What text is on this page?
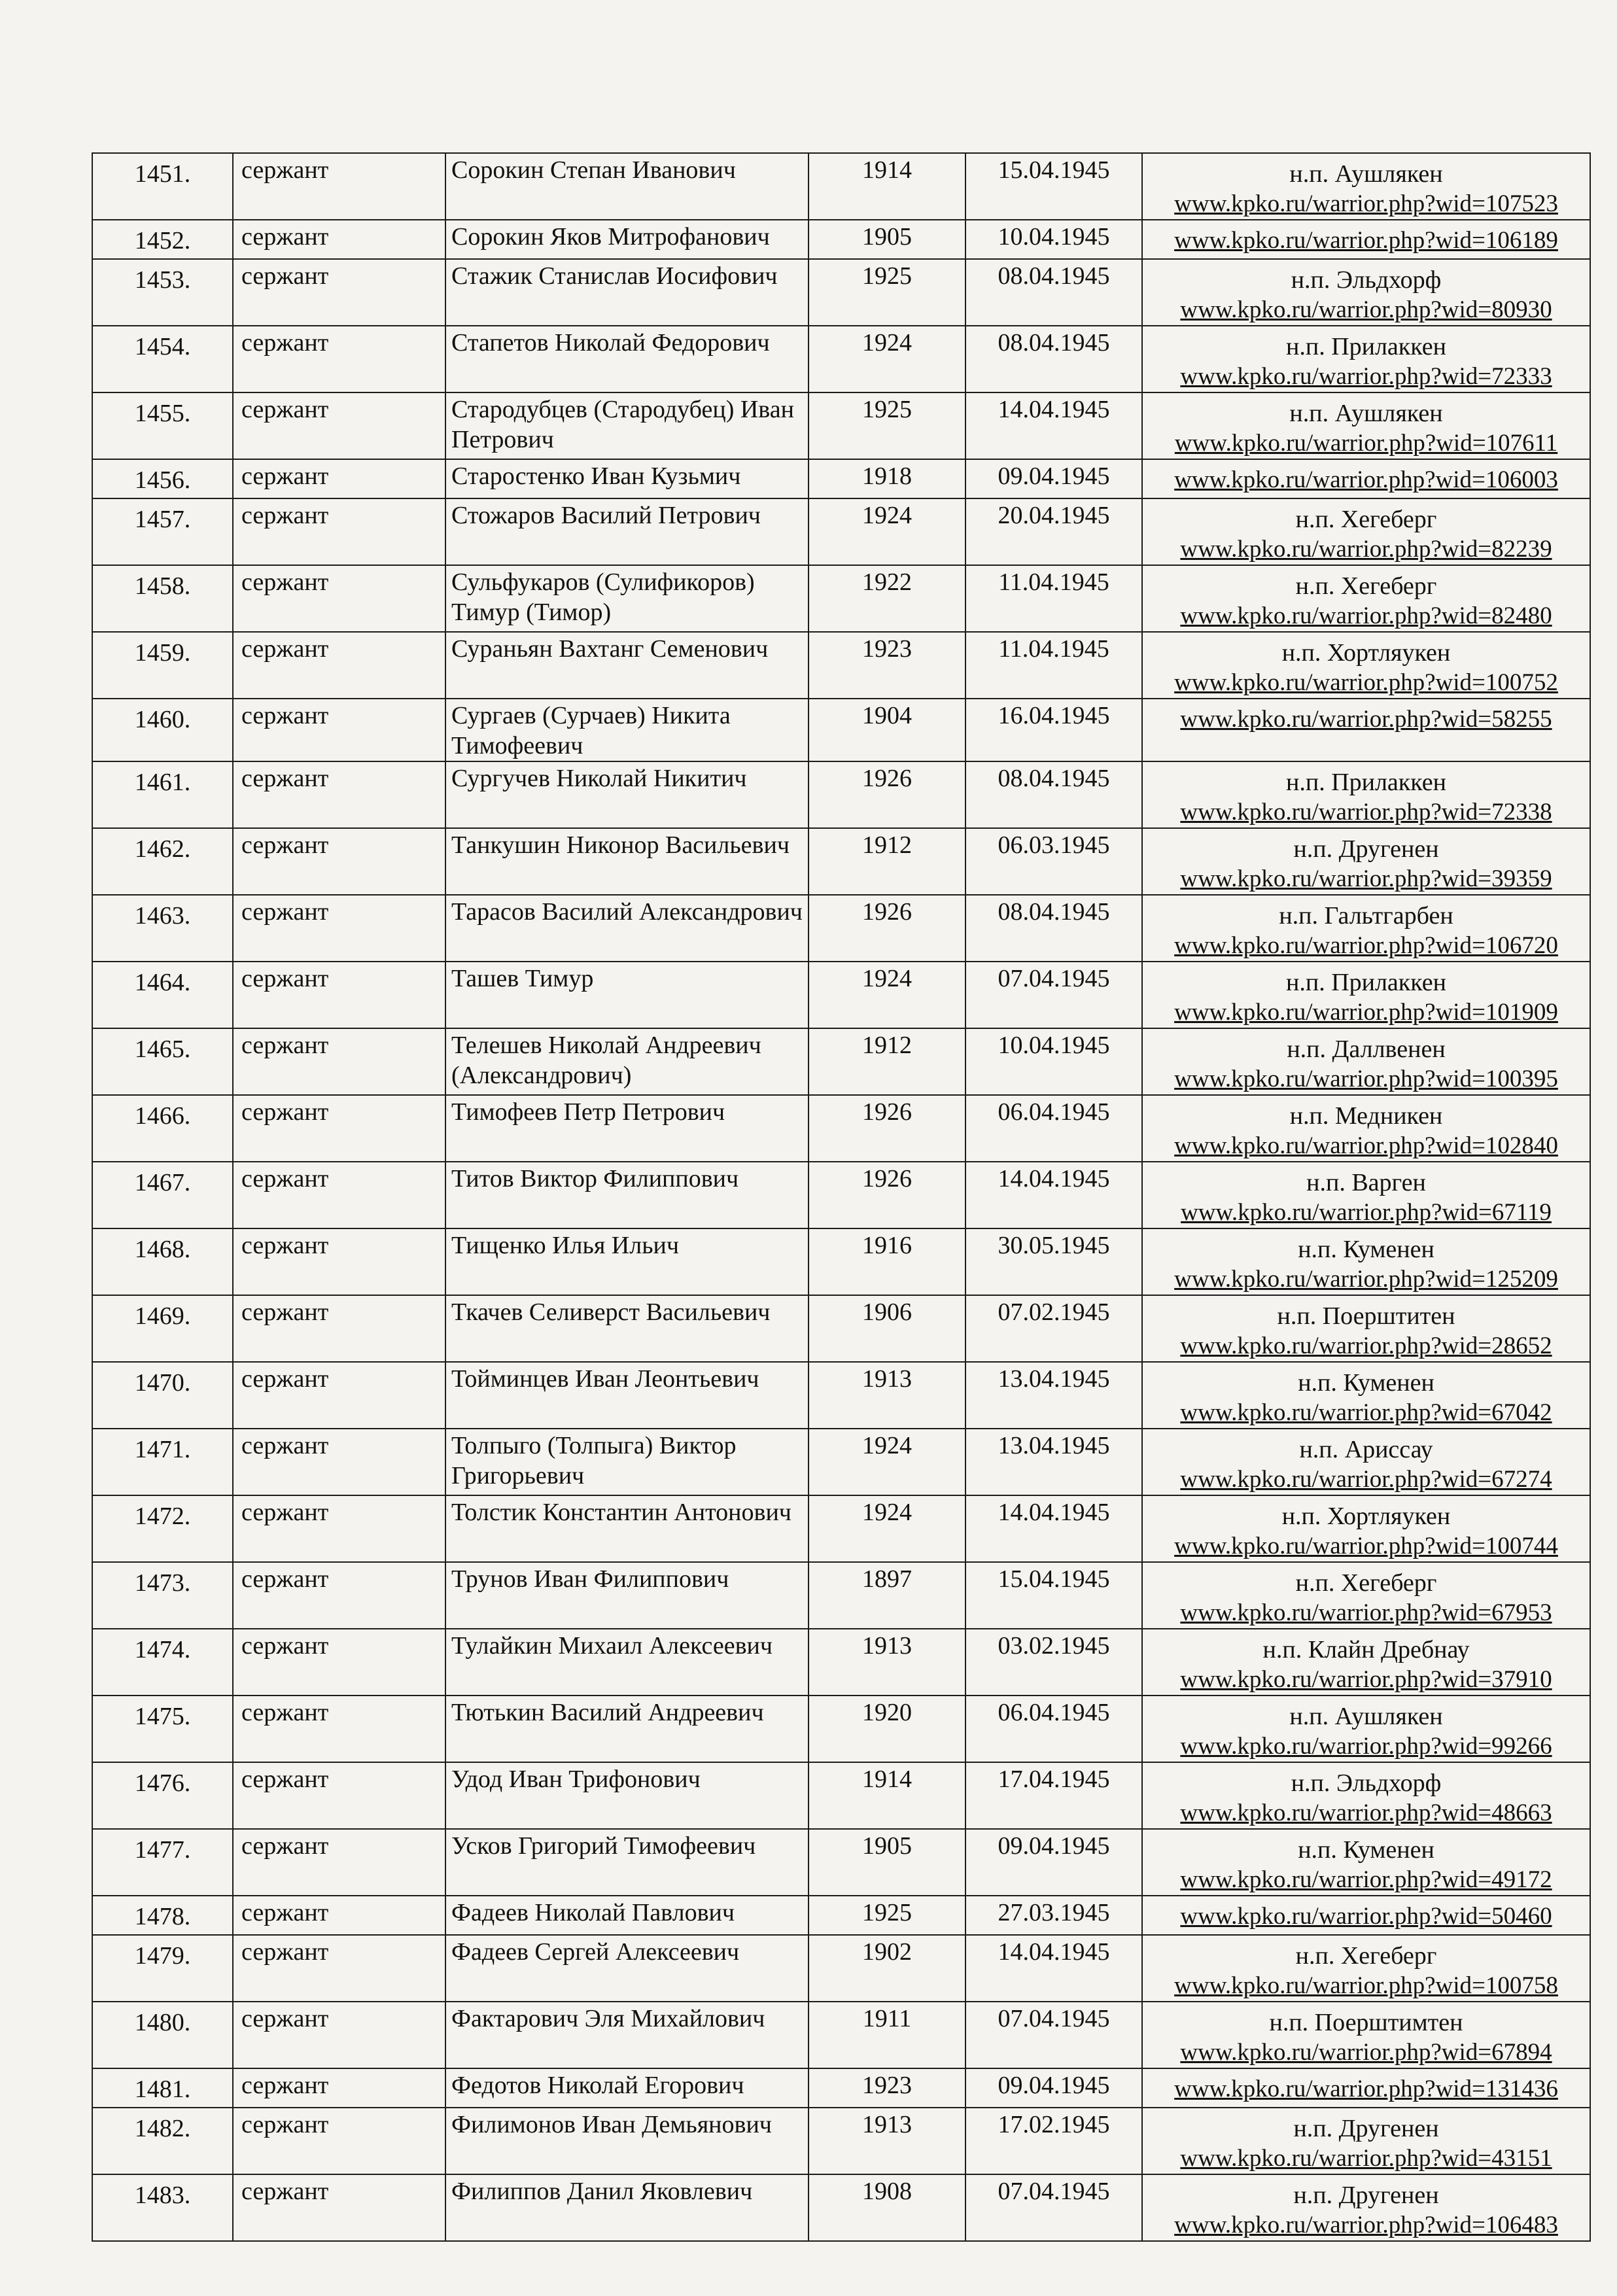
1451.	сержант	Сорокин Степан Иванович	1914	15.04.1945	н.п. Аушлякен
www.kpko.ru/warrior.php?wid=107523

1452.	сержант	Сорокин Яков Митрофанович	1905	10.04.1945	www.kpko.ru/warrior.php?wid=106189

1453.	сержант	Стажик Станислав Иосифович	1925	08.04.1945	н.п. Эльдхорф
www.kpko.ru/warrior.php?wid=80930

1454.	сержант	Стапетов Николай Федорович	1924	08.04.1945	н.п. Прилаккен
www.kpko.ru/warrior.php?wid=72333

1455.	сержант	Стародубцев (Стародубец) Иван Петрович	1925	14.04.1945	н.п. Аушлякен
www.kpko.ru/warrior.php?wid=107611

1456.	сержант	Старостенко Иван Кузьмич	1918	09.04.1945	www.kpko.ru/warrior.php?wid=106003

1457.	сержант	Стожаров Василий Петрович	1924	20.04.1945	н.п. Хегеберг
www.kpko.ru/warrior.php?wid=82239

1458.	сержант	Сульфукаров (Сулификоров) Тимур (Тимор)	1922	11.04.1945	н.п. Хегеберг
www.kpko.ru/warrior.php?wid=82480

1459.	сержант	Сураньян Вахтанг Семенович	1923	11.04.1945	н.п. Хортляукен
www.kpko.ru/warrior.php?wid=100752

1460.	сержант	Сургаев (Сурчаев) Никита Тимофеевич	1904	16.04.1945	www.kpko.ru/warrior.php?wid=58255

1461.	сержант	Сургучев Николай Никитич	1926	08.04.1945	н.п. Прилаккен
www.kpko.ru/warrior.php?wid=72338

1462.	сержант	Танкушин Никонор Васильевич	1912	06.03.1945	н.п. Другенен
www.kpko.ru/warrior.php?wid=39359

1463.	сержант	Тарасов Василий Александрович	1926	08.04.1945	н.п. Гальтгарбен
www.kpko.ru/warrior.php?wid=106720

1464.	сержант	Ташев Тимур	1924	07.04.1945	н.п. Прилаккен
www.kpko.ru/warrior.php?wid=101909

1465.	сержант	Телешев Николай Андреевич (Александрович)	1912	10.04.1945	н.п. Даллвенен
www.kpko.ru/warrior.php?wid=100395

1466.	сержант	Тимофеев Петр Петрович	1926	06.04.1945	н.п. Медникен
www.kpko.ru/warrior.php?wid=102840

1467.	сержант	Титов Виктор Филиппович	1926	14.04.1945	н.п. Варген
www.kpko.ru/warrior.php?wid=67119

1468.	сержант	Тищенко Илья Ильич	1916	30.05.1945	н.п. Куменен
www.kpko.ru/warrior.php?wid=125209

1469.	сержант	Ткачев Селиверст Васильевич	1906	07.02.1945	н.п. Поерштитен
www.kpko.ru/warrior.php?wid=28652

1470.	сержант	Тойминцев Иван Леонтьевич	1913	13.04.1945	н.п. Куменен
www.kpko.ru/warrior.php?wid=67042

1471.	сержант	Толпыго (Толпыга) Виктор Григорьевич	1924	13.04.1945	н.п. Ариссау
www.kpko.ru/warrior.php?wid=67274

1472.	сержант	Толстик Константин Антонович	1924	14.04.1945	н.п. Хортляукен
www.kpko.ru/warrior.php?wid=100744

1473.	сержант	Трунов Иван Филиппович	1897	15.04.1945	н.п. Хегеберг
www.kpko.ru/warrior.php?wid=67953

1474.	сержант	Тулайкин Михаил Алексеевич	1913	03.02.1945	н.п. Клайн Дребнау
www.kpko.ru/warrior.php?wid=37910

1475.	сержант	Тютькин Василий Андреевич	1920	06.04.1945	н.п. Аушлякен
www.kpko.ru/warrior.php?wid=99266

1476.	сержант	Удод Иван Трифонович	1914	17.04.1945	н.п. Эльдхорф
www.kpko.ru/warrior.php?wid=48663

1477.	сержант	Усков Григорий Тимофеевич	1905	09.04.1945	н.п. Куменен
www.kpko.ru/warrior.php?wid=49172

1478.	сержант	Фадеев Николай Павлович	1925	27.03.1945	www.kpko.ru/warrior.php?wid=50460

1479.	сержант	Фадеев Сергей Алексеевич	1902	14.04.1945	н.п. Хегеберг
www.kpko.ru/warrior.php?wid=100758

1480.	сержант	Фактарович Эля Михайлович	1911	07.04.1945	н.п. Поерштимтен
www.kpko.ru/warrior.php?wid=67894

1481.	сержант	Федотов Николай Егорович	1923	09.04.1945	www.kpko.ru/warrior.php?wid=131436

1482.	сержант	Филимонов Иван Демьянович	1913	17.02.1945	н.п. Другенен
www.kpko.ru/warrior.php?wid=43151

1483.	сержант	Филиппов Данил Яковлевич	1908	07.04.1945	н.п. Другенен
www.kpko.ru/warrior.php?wid=106483
